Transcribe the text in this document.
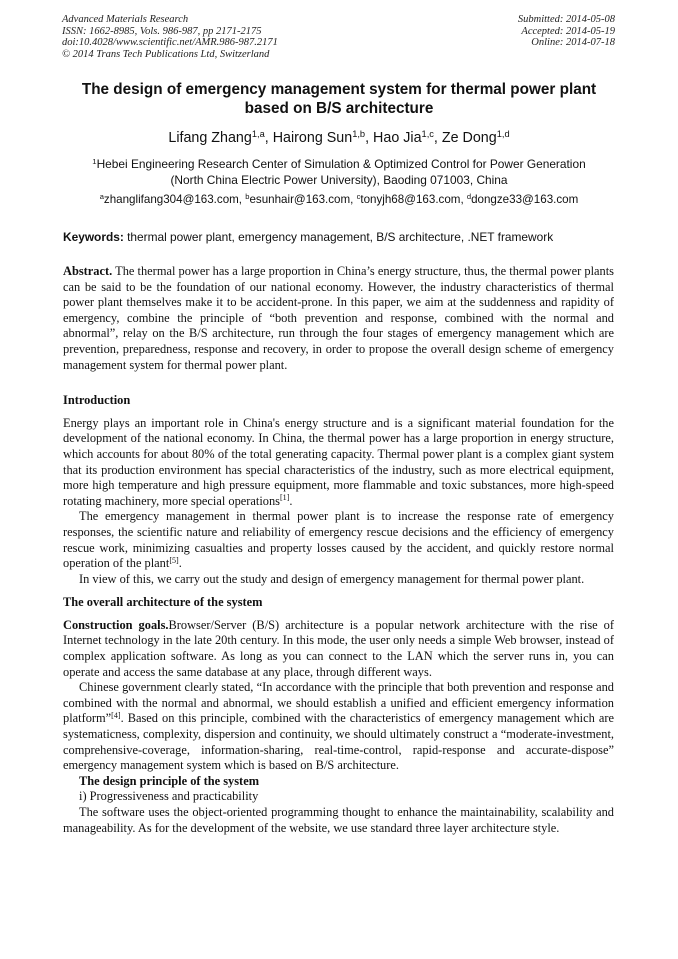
Advanced Materials Research
ISSN: 1662-8985, Vols. 986-987, pp 2171-2175
doi:10.4028/www.scientific.net/AMR.986-987.2171
© 2014 Trans Tech Publications Ltd, Switzerland
Submitted: 2014-05-08
Accepted: 2014-05-19
Online: 2014-07-18
The design of emergency management system for thermal power plant
based on B/S architecture
Lifang Zhang$^{1,a}$, Hairong Sun$^{1,b}$, Hao Jia$^{1,c}$, Ze Dong$^{1,d}$
$^1$Hebei Engineering Research Center of Simulation & Optimized Control for Power Generation
(North China Electric Power University), Baoding 071003, China
$^a$zhanglifang304@163.com, $^b$esunhair@163.com, $^c$tonyjh68@163.com, $^d$dongze33@163.com
Keywords: thermal power plant, emergency management, B/S architecture, .NET framework

Abstract. The thermal power has a large proportion in China’s energy structure, thus, the thermal power plants can be said to be the foundation of our national economy. However, the industry characteristics of thermal power plant themselves make it to be accident-prone. In this paper, we aim at the suddenness and rapidity of emergency, combine the principle of “both prevention and response, combined with the normal and abnormal”, relay on the B/S architecture, run through the four stages of emergency management which are prevention, preparedness, response and recovery, in order to propose the overall design scheme of emergency management system for thermal power plant.

Introduction

Energy plays an important role in China's energy structure and is a significant material foundation for the development of the national economy. In China, the thermal power has a large proportion in energy structure, which accounts for about 80% of the total generating capacity. Thermal power plant is a complex giant system that its production environment has special characteristics of the industry, such as more electrical equipment, more high temperature and high pressure equipment, more flammable and toxic substances, more high-speed rotating machinery, more special operations[1].

The emergency management in thermal power plant is to increase the response rate of emergency responses, the scientific nature and reliability of emergency rescue decisions and the efficiency of emergency rescue work, minimizing casualties and property losses caused by the accident, and quickly restore normal operation of the plant[5].

In view of this, we carry out the study and design of emergency management for thermal power plant.

The overall architecture of the system

Construction goals.Browser/Server (B/S) architecture is a popular network architecture with the rise of Internet technology in the late 20th century. In this mode, the user only needs a simple Web browser, instead of complex application software. As long as you can connect to the LAN which the server runs in, you can operate and access the same database at any place, through different ways.

Chinese government clearly stated, “In accordance with the principle that both prevention and response and combined with the normal and abnormal, we should establish a unified and efficient emergency information platform”[4]. Based on this principle, combined with the characteristics of emergency management which are systematicness, complexity, dispersion and continuity, we should ultimately construct a “moderate-investment, comprehensive-coverage, information-sharing, real-time-control, rapid-response and accurate-dispose” emergency management system which is based on B/S architecture.

The design principle of the system

i) Progressiveness and practicability

The software uses the object-oriented programming thought to enhance the maintainability, scalability and manageability. As for the development of the website, we use standard three layer architecture style.
